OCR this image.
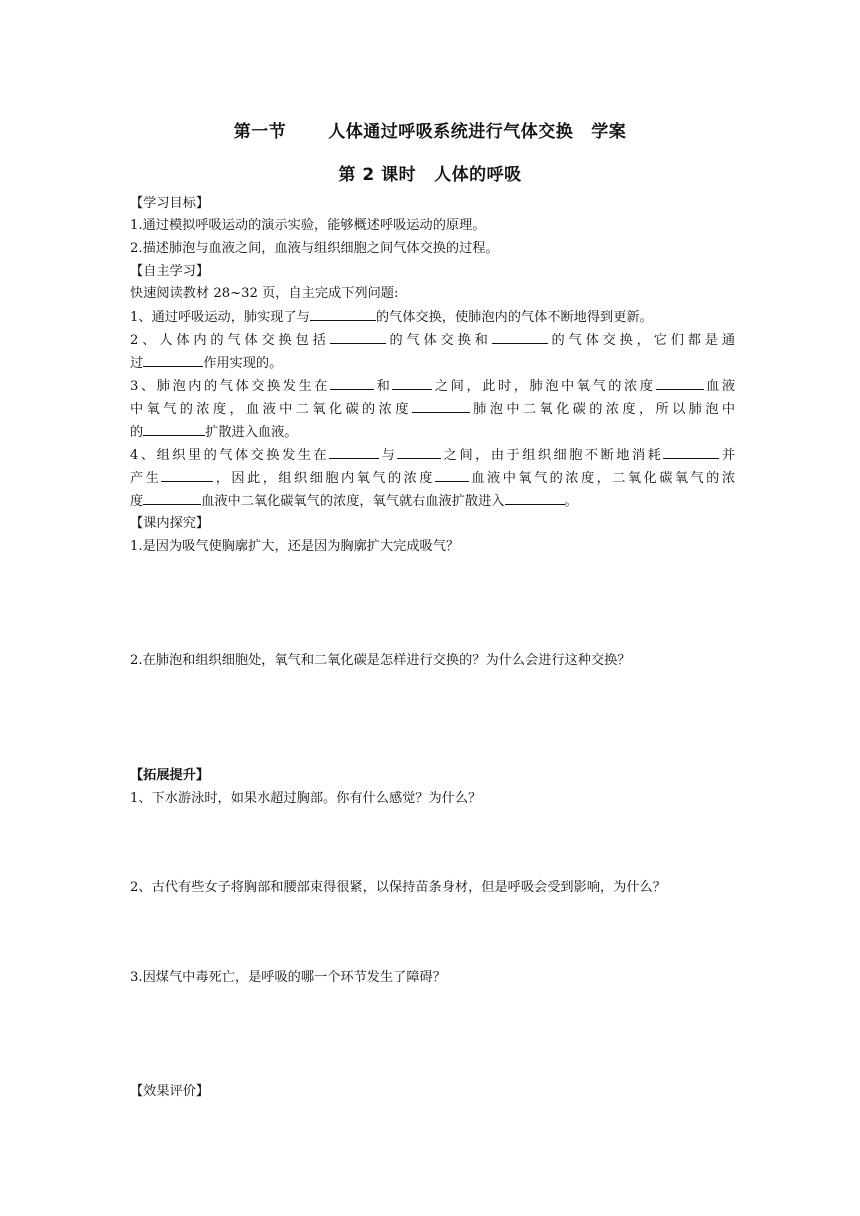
第一节 人体通过呼吸系统进行气体交换 学案
第 2 课时 人体的呼吸
【学习目标】
1.通过模拟呼吸运动的演示实验，能够概述呼吸运动的原理。
2.描述肺泡与血液之间，血液与组织细胞之间气体交换的过程。
【自主学习】
快速阅读教材 28~32 页，自主完成下列问题:
1、通过呼吸运动，肺实现了与	的气体交换，使肺泡内的气体不断地得到更新。
2、人体内的气体交换包括	的气体交换和	的气体交换，它们都是通
过	作用实现的。
3、肺泡内的气体交换发生在	和	之间，此时，肺泡中氧气的浓度	血液
中氧气的浓度，血液中二氧化碳的浓度	肺泡中二氧化碳的浓度，所以肺泡中
的	扩散进入血液。
4、组织里的气体交换发生在	与	之间，由于组织细胞不断地消耗	并
产生	，因此，组织细胞内氧气的浓度	血液中氧气的浓度，二氧化碳氧气的浓
度	血液中二氧化碳氧气的浓度，氧气就右血液扩散进入	。
【课内探究】
1.是因为吸气使胸廓扩大，还是因为胸廓扩大完成吸气？
2.在肺泡和组织细胞处，氧气和二氧化碳是怎样进行交换的？为什么会进行这种交换？
【拓展提升】
1、下水游泳时，如果水超过胸部。你有什么感觉？为什么？
2、古代有些女子将胸部和腰部束得很紧，以保持苗条身材，但是呼吸会受到影响，为什么？
3.因煤气中毒死亡，是呼吸的哪一个环节发生了障碍？
【效果评价】
